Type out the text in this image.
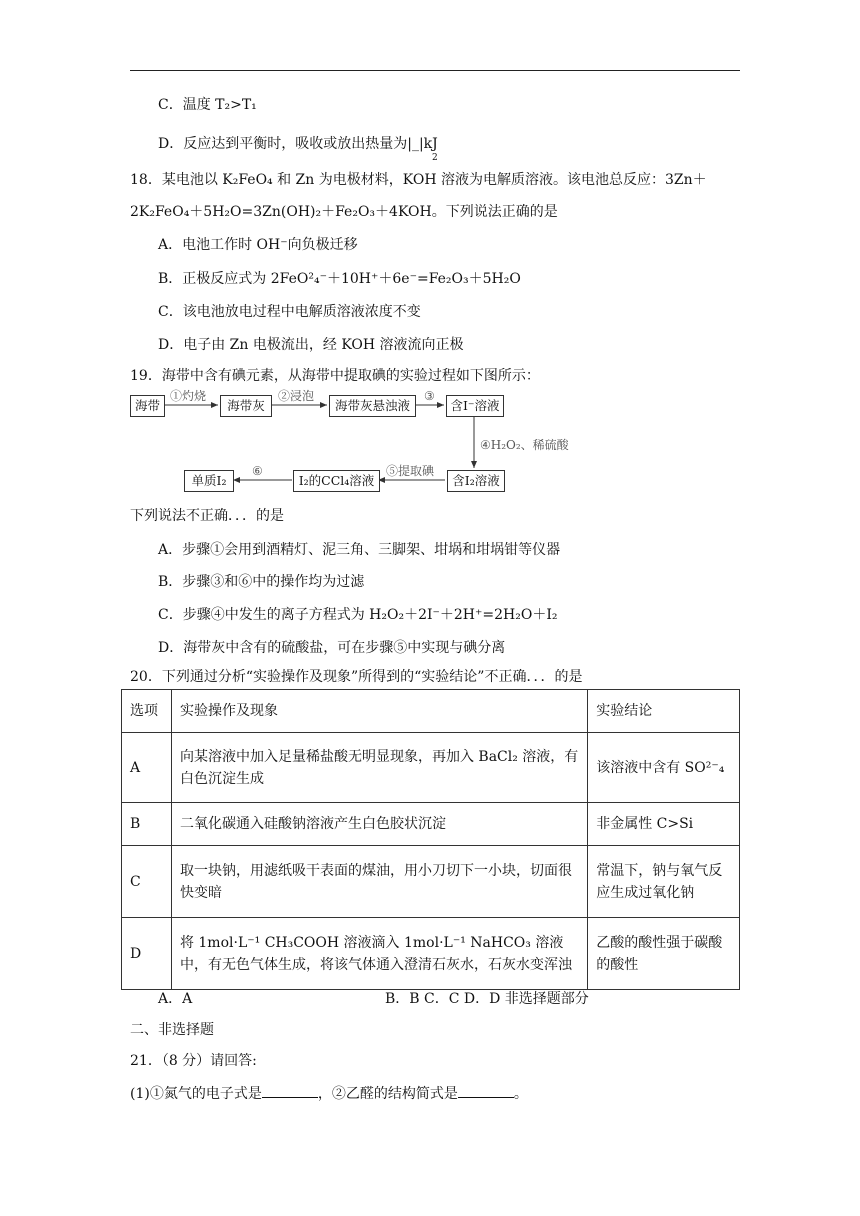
C．温度 T₂>T₁
D．反应达到平衡时，吸收或放出热量为|_|kJ
2
18．某电池以 K₂FeO₄ 和 Zn 为电极材料，KOH 溶液为电解质溶液。该电池总反应：3Zn＋
2K₂FeO₄＋5H₂O=3Zn(OH)₂＋Fe₂O₃＋4KOH。下列说法正确的是
A．电池工作时 OH⁻向负极迁移
B．正极反应式为 2FeO²₄⁻＋10H⁺＋6e⁻=Fe₂O₃＋5H₂O
C．该电池放电过程中电解质溶液浓度不变
D．电子由 Zn 电极流出，经 KOH 溶液流向正极
19．海带中含有碘元素，从海带中提取碘的实验过程如下图所示：
海带	海带灰	海带灰悬浊液	含I⁻溶液
含I₂溶液
I₂的CCl₄溶液
单质I₂
①灼烧	②浸泡	③
④H₂O₂、稀硫酸
⑤提取碘
⑥
下列说法不正确．．．的是
A．步骤①会用到酒精灯、泥三角、三脚架、坩埚和坩埚钳等仪器
B．步骤③和⑥中的操作均为过滤
C．步骤④中发生的离子方程式为 H₂O₂＋2I⁻＋2H⁺=2H₂O＋I₂
D．海带灰中含有的硫酸盐，可在步骤⑤中实现与碘分离
20．下列通过分析“实验操作及现象”所得到的“实验结论”不正确．．．的是
选项	实验操作及现象	实验结论
A	向某溶液中加入足量稀盐酸无明显现象，再加入 BaCl₂ 溶液，有白色沉淀生成	该溶液中含有 SO²⁻₄
B	二氧化碳通入硅酸钠溶液产生白色胶状沉淀	非金属性 C>Si
C	取一块钠，用滤纸吸干表面的煤油，用小刀切下一小块，切面很快变暗	常温下，钠与氧气反应生成过氧化钠
D	将 1mol·L⁻¹ CH₃COOH 溶液滴入 1mol·L⁻¹ NaHCO₃ 溶液中，有无色气体生成，将该气体通入澄清石灰水，石灰水变浑浊	乙酸的酸性强于碳酸的酸性
A．A	B．B C．C D．D 非选择题部分
二、非选择题
21．（8 分）请回答:
(1)①氮气的电子式是	，②乙醛的结构简式是	。
